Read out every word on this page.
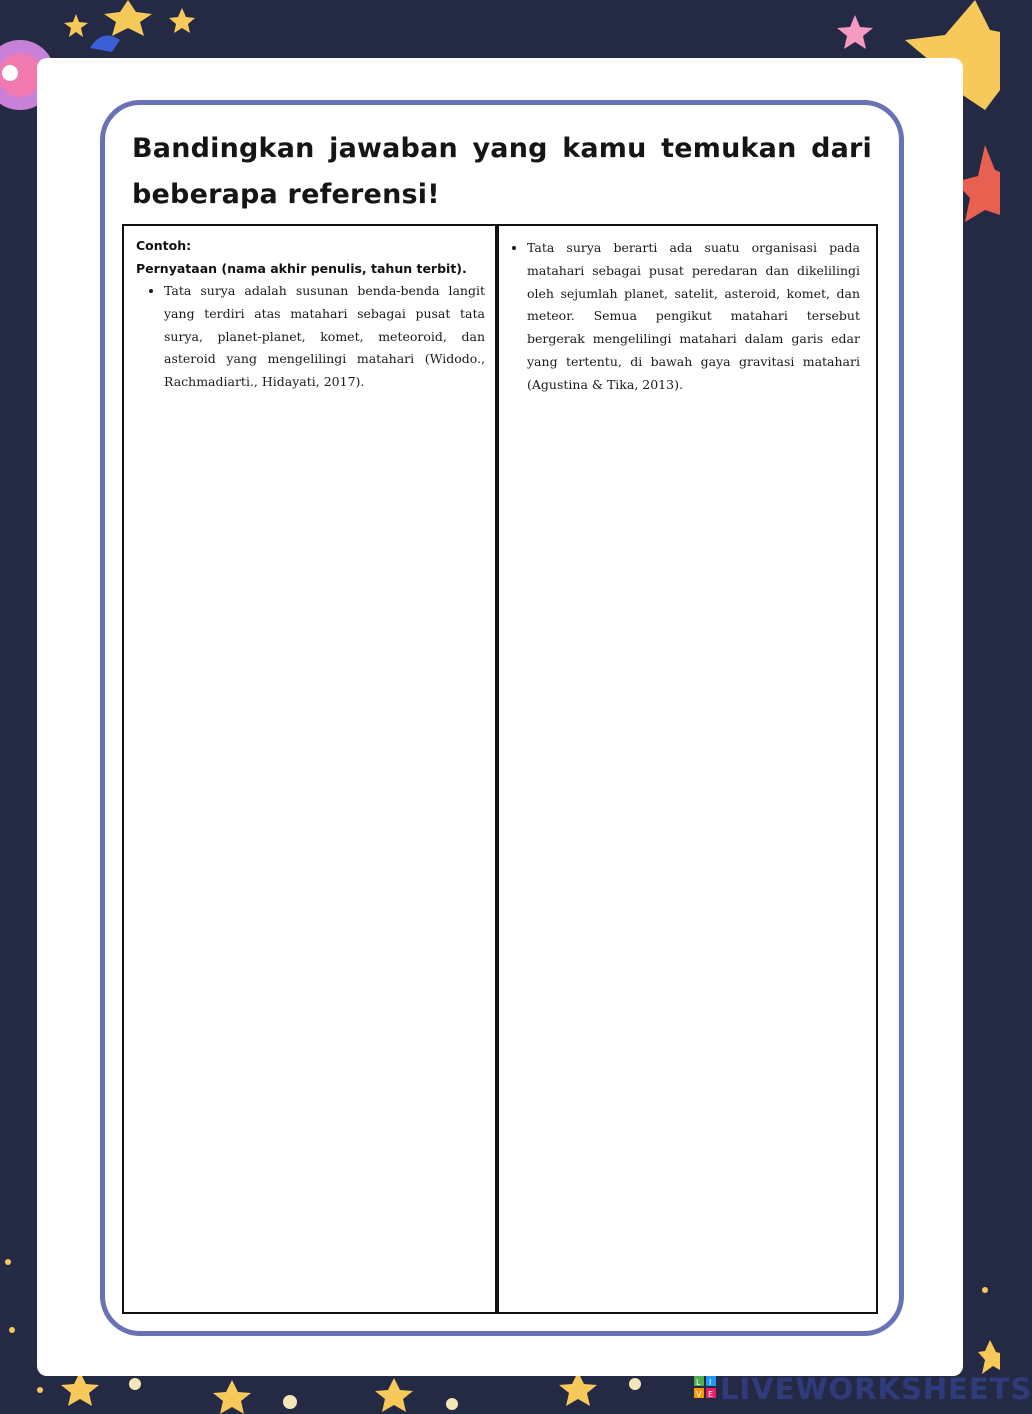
Bandingkan jawaban yang kamu temukan dari beberapa referensi!
Contoh:
Pernyataan (nama akhir penulis, tahun terbit).
• Tata surya adalah susunan benda-benda langit yang terdiri atas matahari sebagai pusat tata surya, planet-planet, komet, meteoroid, dan asteroid yang mengelilingi matahari (Widodo., Rachmadiarti., Hidayati, 2017).
• Tata surya berarti ada suatu organisasi pada matahari sebagai pusat peredaran dan dikelilingi oleh sejumlah planet, satelit, asteroid, komet, dan meteor. Semua pengikut matahari tersebut bergerak mengelilingi matahari dalam garis edar yang tertentu, di bawah gaya gravitasi matahari (Agustina & Tika, 2013).
L I
V E LIVEWORKSHEETS
